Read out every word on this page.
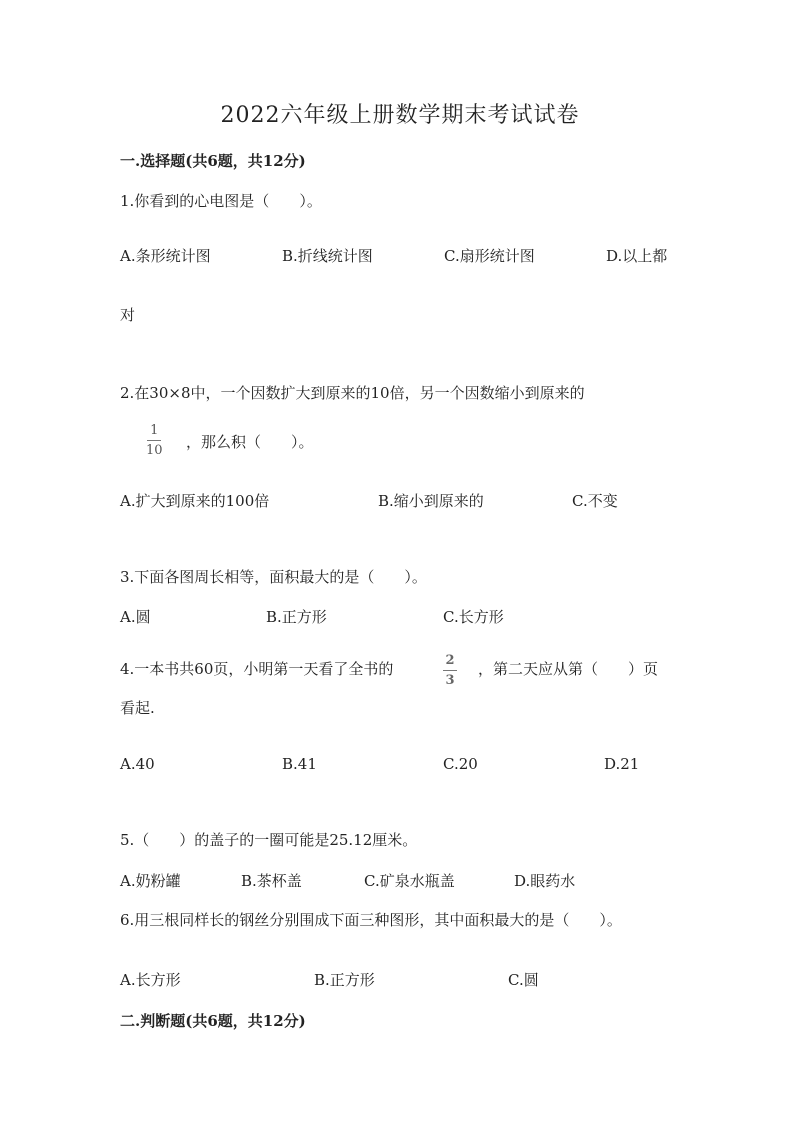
2022六年级上册数学期末考试试卷
一.选择题(共6题，共12分)
1.你看到的心电图是（　　）。
A.条形统计图	B.折线统计图	C.扇形统计图	D.以上都
对
2.在30×8中，一个因数扩大到原来的10倍，另一个因数缩小到原来的
1
10 ，那么积（　　）。
A.扩大到原来的100倍	B.缩小到原来的	C.不变
3.下面各图周长相等，面积最大的是（　　）。
A.圆	B.正方形	C.长方形
4.一本书共60页，小明第一天看了全书的	2
3
，第二天应从第（　　）页
看起.
A.40	B.41	C.20	D.21
5.（　　）的盖子的一圈可能是25.12厘米。
A.奶粉罐	B.茶杯盖	C.矿泉水瓶盖	D.眼药水
6.用三根同样长的钢丝分别围成下面三种图形，其中面积最大的是（　　）。
A.长方形	B.正方形	C.圆
二.判断题(共6题，共12分)
